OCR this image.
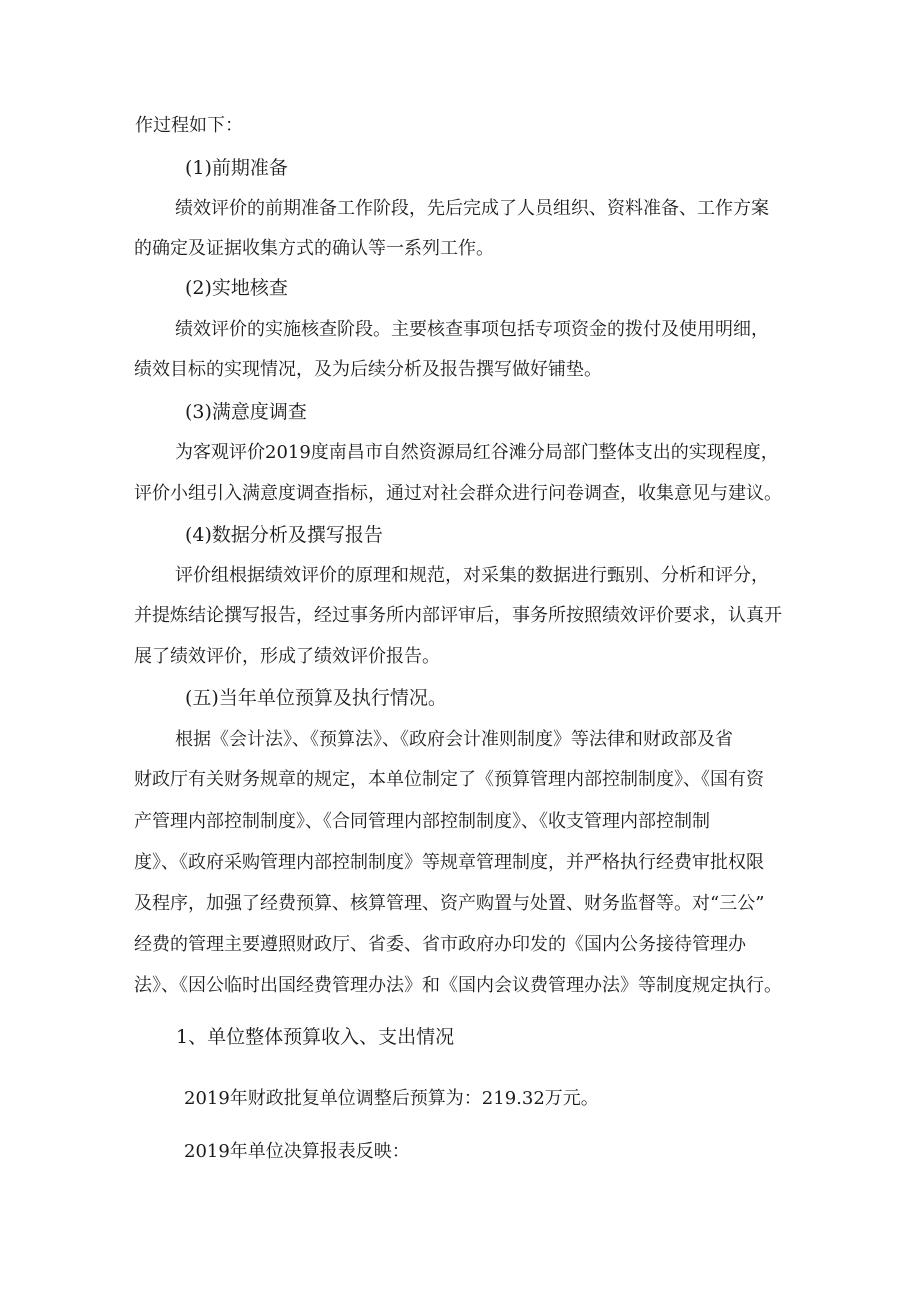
作过程如下：
(1)前期准备
绩效评价的前期准备工作阶段，先后完成了人员组织、资料准备、工作方案
的确定及证据收集方式的确认等一系列工作。
(2)实地核查
绩效评价的实施核查阶段。主要核查事项包括专项资金的拨付及使用明细，
绩效目标的实现情况，及为后续分析及报告撰写做好铺垫。
(3)满意度调查
为客观评价2019度南昌市自然资源局红谷滩分局部门整体支出的实现程度，
评价小组引入满意度调查指标，通过对社会群众进行问卷调查，收集意见与建议。
(4)数据分析及撰写报告
评价组根据绩效评价的原理和规范，对采集的数据进行甄别、分析和评分，
并提炼结论撰写报告，经过事务所内部评审后，事务所按照绩效评价要求，认真开
展了绩效评价，形成了绩效评价报告。
(五)当年单位预算及执行情况。
根据《会计法》、《预算法》、《政府会计准则制度》等法律和财政部及省
财政厅有关财务规章的规定，本单位制定了《预算管理内部控制制度》、《国有资
产管理内部控制制度》、《合同管理内部控制制度》、《收支管理内部控制制
度》、《政府采购管理内部控制制度》等规章管理制度，并严格执行经费审批权限
及程序，加强了经费预算、核算管理、资产购置与处置、财务监督等。对“三公”
经费的管理主要遵照财政厅、省委、省市政府办印发的《国内公务接待管理办
法》、《因公临时出国经费管理办法》和《国内会议费管理办法》等制度规定执行。
1、单位整体预算收入、支出情况
2019年财政批复单位调整后预算为：219.32万元。
2019年单位决算报表反映：
